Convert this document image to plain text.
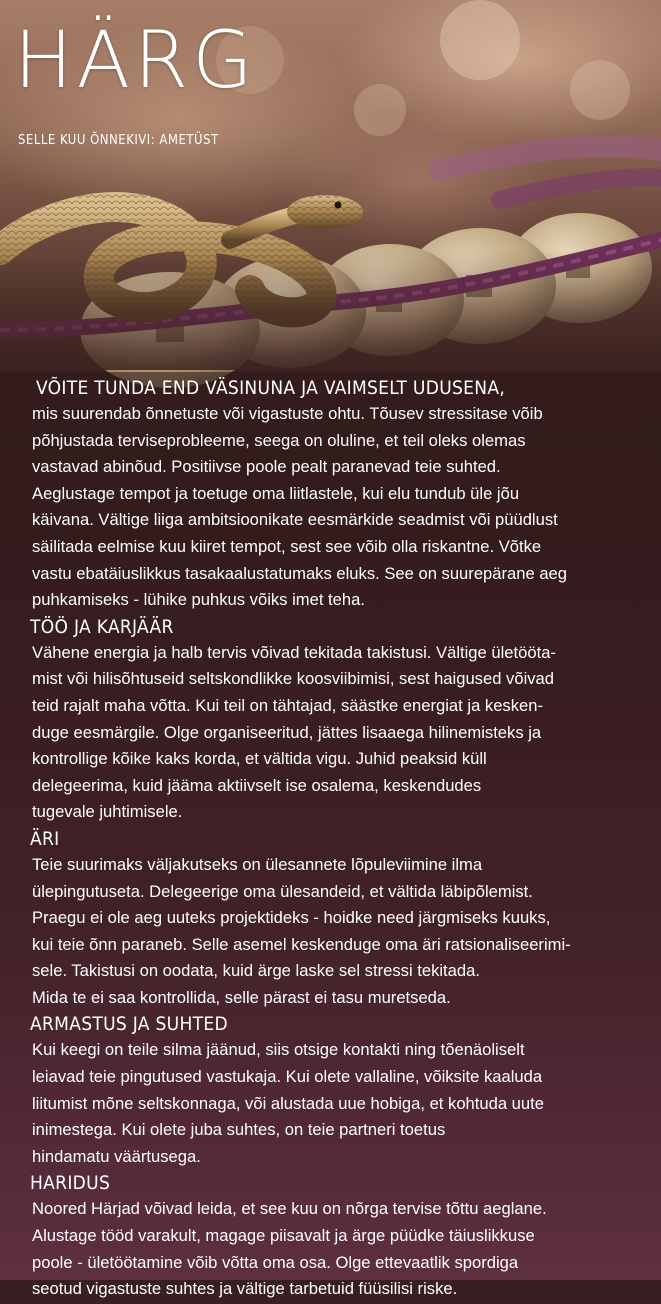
HÄRG
SELLE KUU ÕNNEKIVI: AMETÜST
VÕITE TUNDA END VÄSINUNA JA VAIMSELT UDUSENA,
mis suurendab õnnetuste või vigastuste ohtu. Tõusev stressitase võib
põhjustada terviseprobleeme, seega on oluline, et teil oleks olemas
vastavad abinõud. Positiivse poole pealt paranevad teie suhted.
Aeglustage tempot ja toetuge oma liitlastele, kui elu tundub üle jõu
käivana. Vältige liiga ambitsioonikate eesmärkide seadmist või püüdlust
säilitada eelmise kuu kiiret tempot, sest see võib olla riskantne. Võtke
vastu ebatäiuslikkus tasakaalustatumaks eluks. See on suurepärane aeg
puhkamiseks - lühike puhkus võiks imet teha.
TÖÖ JA KARJÄÄR
Vähene energia ja halb tervis võivad tekitada takistusi. Vältige ületööta-
mist või hilisõhtuseid seltskondlikke koosviibimisi, sest haigused võivad
teid rajalt maha võtta. Kui teil on tähtajad, säästke energiat ja kesken-
duge eesmärgile. Olge organiseeritud, jättes lisaaega hilinemisteks ja
kontrollige kõike kaks korda, et vältida vigu. Juhid peaksid küll
delegeerima, kuid jääma aktiivselt ise osalema, keskendudes
tugevale juhtimisele.
ÄRI
Teie suurimaks väljakutseks on ülesannete lõpuleviimine ilma
ülepingutuseta. Delegeerige oma ülesandeid, et vältida läbipõlemist.
Praegu ei ole aeg uuteks projektideks - hoidke need järgmiseks kuuks,
kui teie õnn paraneb. Selle asemel keskenduge oma äri ratsionaliseerimi-
sele. Takistusi on oodata, kuid ärge laske sel stressi tekitada.
Mida te ei saa kontrollida, selle pärast ei tasu muretseda.
ARMASTUS JA SUHTED
Kui keegi on teile silma jäänud, siis otsige kontakti ning tõenäoliselt
leiavad teie pingutused vastukaja. Kui olete vallaline, võiksite kaaluda
liitumist mõne seltskonnaga, või alustada uue hobiga, et kohtuda uute
inimestega. Kui olete juba suhtes, on teie partneri toetus
hindamatu väärtusega.
HARIDUS
Noored Härjad võivad leida, et see kuu on nõrga tervise tõttu aeglane.
Alustage tööd varakult, magage piisavalt ja ärge püüdke täiuslikkuse
poole - ületöötamine võib võtta oma osa. Olge ettevaatlik spordiga
seotud vigastuste suhtes ja vältige tarbetuid füüsilisi riske.
